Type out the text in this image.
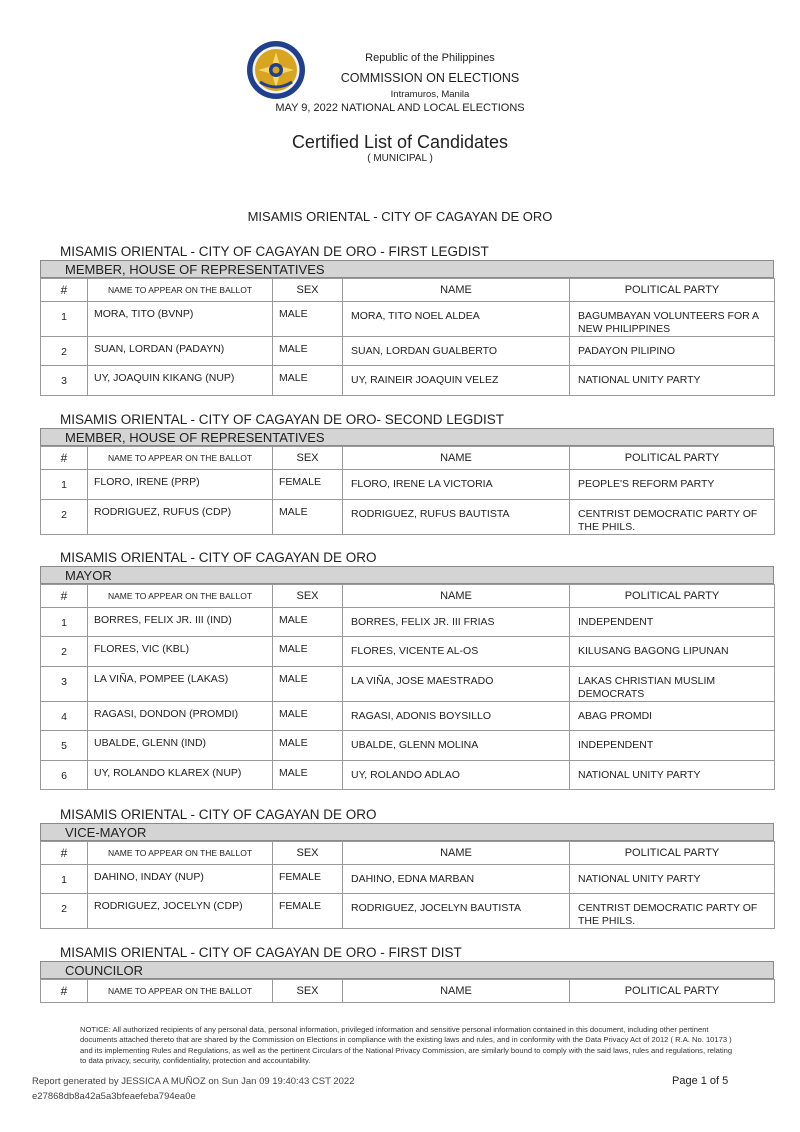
Republic of the Philippines
COMMISSION ON ELECTIONS
Intramuros, Manila
MAY 9, 2022 NATIONAL AND LOCAL ELECTIONS
Certified List of Candidates
( MUNICIPAL )
MISAMIS ORIENTAL - CITY OF CAGAYAN DE ORO
MISAMIS ORIENTAL - CITY OF CAGAYAN DE ORO - FIRST LEGDIST
MEMBER, HOUSE OF REPRESENTATIVES
#	NAME TO APPEAR ON THE BALLOT	SEX	NAME	POLITICAL PARTY
1	MORA, TITO (BVNP)	MALE	MORA, TITO NOEL ALDEA	BAGUMBAYAN VOLUNTEERS FOR A NEW PHILIPPINES
2	SUAN, LORDAN (PADAYN)	MALE	SUAN, LORDAN GUALBERTO	PADAYON PILIPINO
3	UY, JOAQUIN KIKANG (NUP)	MALE	UY, RAINEIR JOAQUIN VELEZ	NATIONAL UNITY PARTY
MISAMIS ORIENTAL - CITY OF CAGAYAN DE ORO- SECOND LEGDIST
MEMBER, HOUSE OF REPRESENTATIVES
#	NAME TO APPEAR ON THE BALLOT	SEX	NAME	POLITICAL PARTY
1	FLORO, IRENE (PRP)	FEMALE	FLORO, IRENE LA VICTORIA	PEOPLE'S REFORM PARTY
2	RODRIGUEZ, RUFUS (CDP)	MALE	RODRIGUEZ, RUFUS BAUTISTA	CENTRIST DEMOCRATIC PARTY OF THE PHILS.
MISAMIS ORIENTAL - CITY OF CAGAYAN DE ORO
MAYOR
#	NAME TO APPEAR ON THE BALLOT	SEX	NAME	POLITICAL PARTY
1	BORRES, FELIX JR. III (IND)	MALE	BORRES, FELIX JR. III FRIAS	INDEPENDENT
2	FLORES, VIC (KBL)	MALE	FLORES, VICENTE AL-OS	KILUSANG BAGONG LIPUNAN
3	LA VIÑA, POMPEE (LAKAS)	MALE	LA VIÑA, JOSE MAESTRADO	LAKAS CHRISTIAN MUSLIM DEMOCRATS
4	RAGASI, DONDON (PROMDI)	MALE	RAGASI, ADONIS BOYSILLO	ABAG PROMDI
5	UBALDE, GLENN (IND)	MALE	UBALDE, GLENN MOLINA	INDEPENDENT
6	UY, ROLANDO KLAREX (NUP)	MALE	UY, ROLANDO ADLAO	NATIONAL UNITY PARTY
MISAMIS ORIENTAL - CITY OF CAGAYAN DE ORO
VICE-MAYOR
#	NAME TO APPEAR ON THE BALLOT	SEX	NAME	POLITICAL PARTY
1	DAHINO, INDAY (NUP)	FEMALE	DAHINO, EDNA MARBAN	NATIONAL UNITY PARTY
2	RODRIGUEZ, JOCELYN (CDP)	FEMALE	RODRIGUEZ, JOCELYN BAUTISTA	CENTRIST DEMOCRATIC PARTY OF THE PHILS.
MISAMIS ORIENTAL - CITY OF CAGAYAN DE ORO - FIRST DIST
COUNCILOR
#	NAME TO APPEAR ON THE BALLOT	SEX	NAME	POLITICAL PARTY
NOTICE: All authorized recipients of any personal data, personal information, privileged information and sensitive personal information contained in this document, including other pertinent documents attached thereto that are shared by the Commission on Elections in compliance with the existing laws and rules, and in conformity with the Data Privacy Act of 2012 ( R.A. No. 10173 ) and its implementing Rules and Regulations, as well as the pertinent Circulars of the National Privacy Commission, are similarly bound to comply with the said laws, rules and regulations, relating to data privacy, security, confidentiality, protection and accountability.
Report generated by JESSICA A MUÑOZ on Sun Jan 09 19:40:43 CST 2022
e27868db8a42a5a3bfeaefeba794ea0e
Page 1 of 5
